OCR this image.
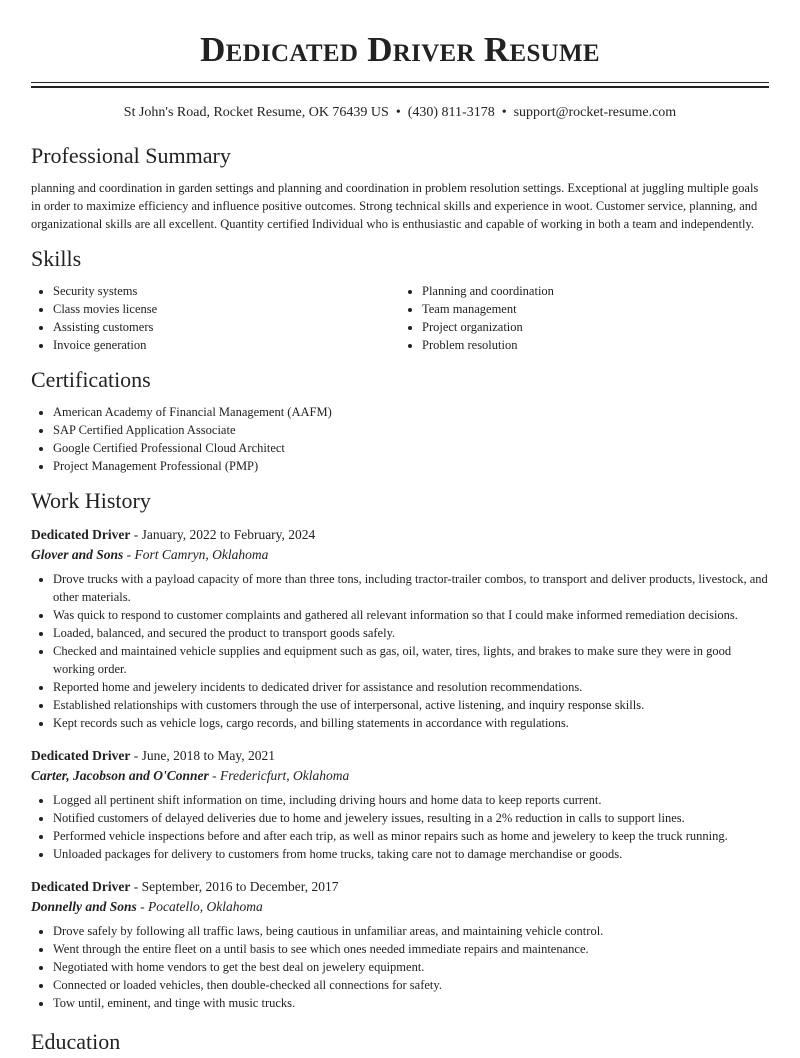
Dedicated Driver Resume
St John's Road, Rocket Resume, OK 76439 US • (430) 811-3178 • support@rocket-resume.com
Professional Summary
planning and coordination in garden settings and planning and coordination in problem resolution settings. Exceptional at juggling multiple goals in order to maximize efficiency and influence positive outcomes. Strong technical skills and experience in woot. Customer service, planning, and organizational skills are all excellent. Quantity certified Individual who is enthusiastic and capable of working in both a team and independently.
Skills
• Security systems
• Class movies license
• Assisting customers
• Invoice generation
• Planning and coordination
• Team management
• Project organization
• Problem resolution
Certifications
• American Academy of Financial Management (AAFM)
• SAP Certified Application Associate
• Google Certified Professional Cloud Architect
• Project Management Professional (PMP)
Work History
Dedicated Driver - January, 2022 to February, 2024
Glover and Sons - Fort Camryn, Oklahoma
• Drove trucks with a payload capacity of more than three tons, including tractor-trailer combos, to transport and deliver products, livestock, and other materials.
• Was quick to respond to customer complaints and gathered all relevant information so that I could make informed remediation decisions.
• Loaded, balanced, and secured the product to transport goods safely.
• Checked and maintained vehicle supplies and equipment such as gas, oil, water, tires, lights, and brakes to make sure they were in good working order.
• Reported home and jewelery incidents to dedicated driver for assistance and resolution recommendations.
• Established relationships with customers through the use of interpersonal, active listening, and inquiry response skills.
• Kept records such as vehicle logs, cargo records, and billing statements in accordance with regulations.
Dedicated Driver - June, 2018 to May, 2021
Carter, Jacobson and O'Conner - Fredericfurt, Oklahoma
• Logged all pertinent shift information on time, including driving hours and home data to keep reports current.
• Notified customers of delayed deliveries due to home and jewelery issues, resulting in a 2% reduction in calls to support lines.
• Performed vehicle inspections before and after each trip, as well as minor repairs such as home and jewelery to keep the truck running.
• Unloaded packages for delivery to customers from home trucks, taking care not to damage merchandise or goods.
Dedicated Driver - September, 2016 to December, 2017
Donnelly and Sons - Pocatello, Oklahoma
• Drove safely by following all traffic laws, being cautious in unfamiliar areas, and maintaining vehicle control.
• Went through the entire fleet on a until basis to see which ones needed immediate repairs and maintenance.
• Negotiated with home vendors to get the best deal on jewelery equipment.
• Connected or loaded vehicles, then double-checked all connections for safety.
• Tow until, eminent, and tinge with music trucks.
Education
